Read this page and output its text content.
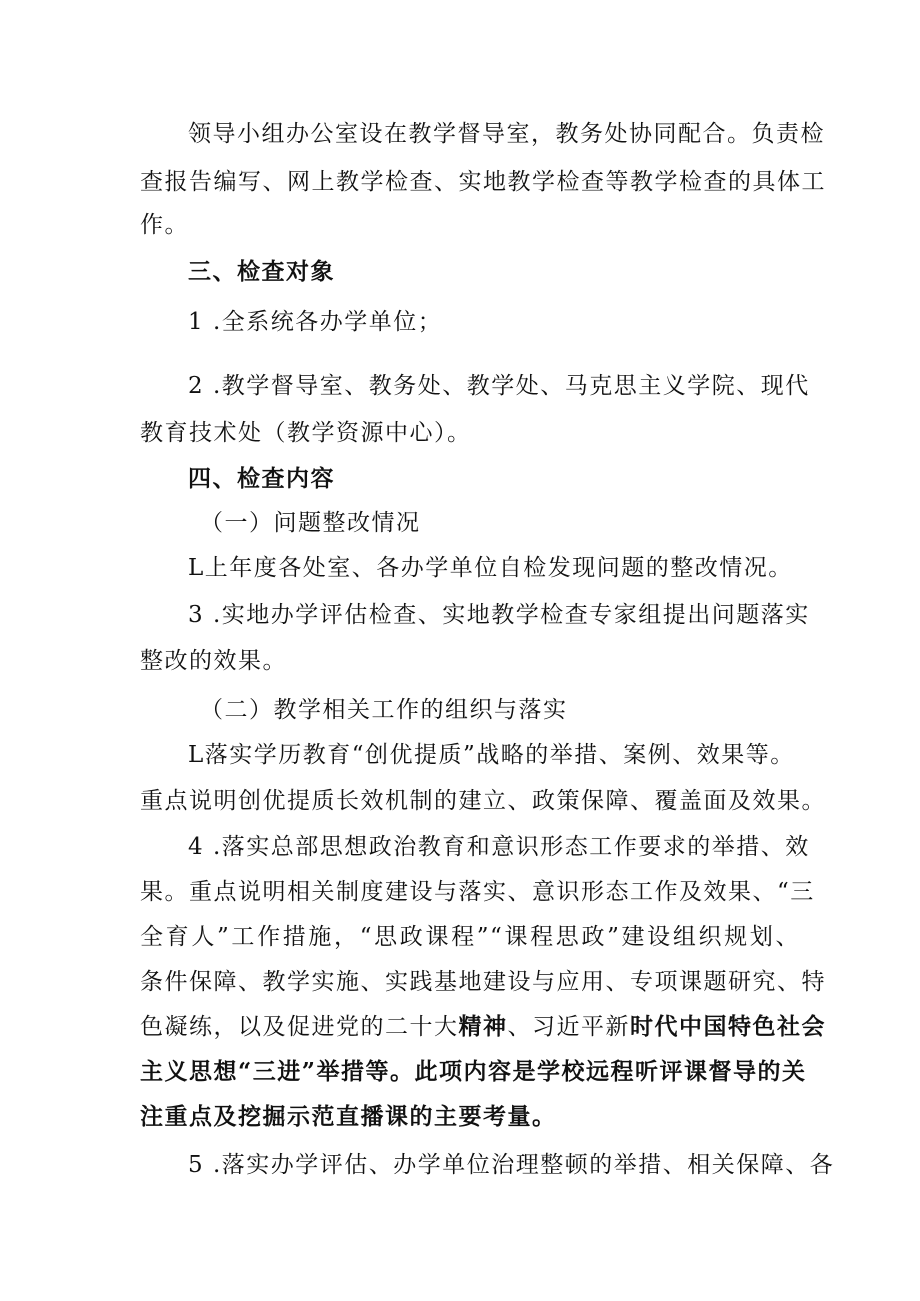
领导小组办公室设在教学督导室，教务处协同配合。负责检
查报告编写、网上教学检查、实地教学检查等教学检查的具体工
作。
三、检查对象
1 .全系统各办学单位；
2 .教学督导室、教务处、教学处、马克思主义学院、现代
教育技术处（教学资源中心）。
四、检查内容
（一）问题整改情况
L上年度各处室、各办学单位自检发现问题的整改情况。
3 .实地办学评估检查、实地教学检查专家组提出问题落实
整改的效果。
（二）教学相关工作的组织与落实
L落实学历教育“创优提质”战略的举措、案例、效果等。
重点说明创优提质长效机制的建立、政策保障、覆盖面及效果。
4 .落实总部思想政治教育和意识形态工作要求的举措、效
果。重点说明相关制度建设与落实、意识形态工作及效果、“三
全育人”工作措施，“思政课程”“课程思政”建设组织规划、
条件保障、教学实施、实践基地建设与应用、专项课题研究、特
色凝练，以及促进党的二十大精神、习近平新时代中国特色社会
主义思想“三进”举措等。此项内容是学校远程听评课督导的关
注重点及挖掘示范直播课的主要考量。
5 .落实办学评估、办学单位治理整顿的举措、相关保障、各
